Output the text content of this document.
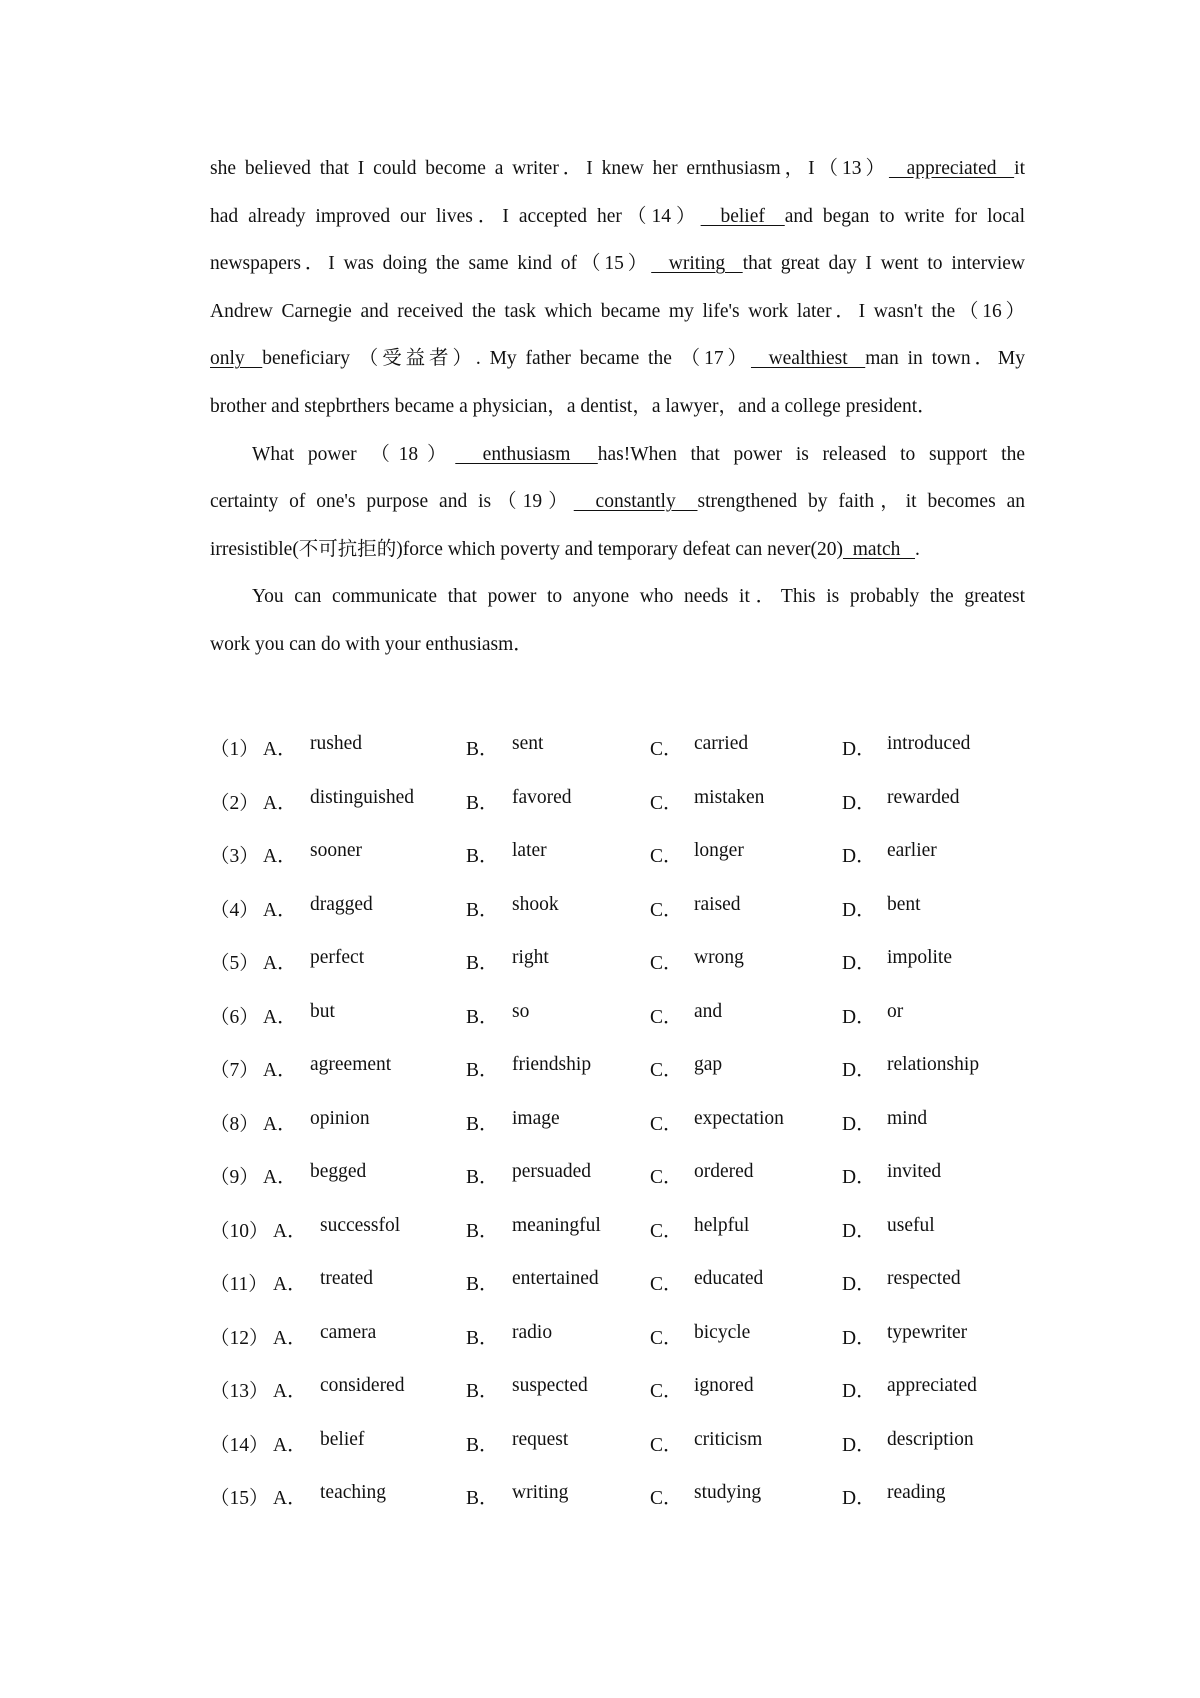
she believed that I could become a writer．I knew her ernthusiasm，I（13）  appreciated  it

had already improved our lives．I accepted her（14）  belief  and began to write for local

newspapers．I was doing the same kind of（15）  writing  that great day I went to interview

Andrew Carnegie and received the task which became my life's work later．I wasn't the（16）

only  beneficiary （受益者）. My father became the （17）  wealthiest  man in town．My

brother and stepbrthers became a physician，a dentist，a lawyer，and a college president．

What power （18）  enthusiasm  has!When that power is released to support the

certainty of one's purpose and is（19）  constantly  strengthened by faith，it becomes an

irresistible(不可抗拒的)force which poverty and temporary defeat can never(20)  match   .

You can communicate that power to anyone who needs it．This is probably the greatest

work you can do with your enthusiasm．

（1） A． rushed	B． sent	C． carried	D． introduced
（2） A． distinguished	B． favored	C． mistaken	D． rewarded
（3） A． sooner	B． later	C． longer	D． earlier
（4） A． dragged	B． shook	C． raised	D． bent
（5） A． perfect	B． right	C． wrong	D． impolite
（6） A． but	B． so	C． and	D． or
（7） A． agreement	B． friendship	C． gap	D． relationship
（8） A． opinion	B． image	C． expectation	D． mind
（9） A． begged	B． persuaded	C． ordered	D． invited
（10） A． successfol	B． meaningful	C． helpful	D． useful
（11） A． treated	B． entertained	C． educated	D． respected
（12） A． camera	B． radio	C． bicycle	D． typewriter
（13） A． considered	B． suspected	C． ignored	D． appreciated
（14） A． belief	B． request	C． criticism	D． description
（15） A． teaching	B． writing	C． studying	D． reading
